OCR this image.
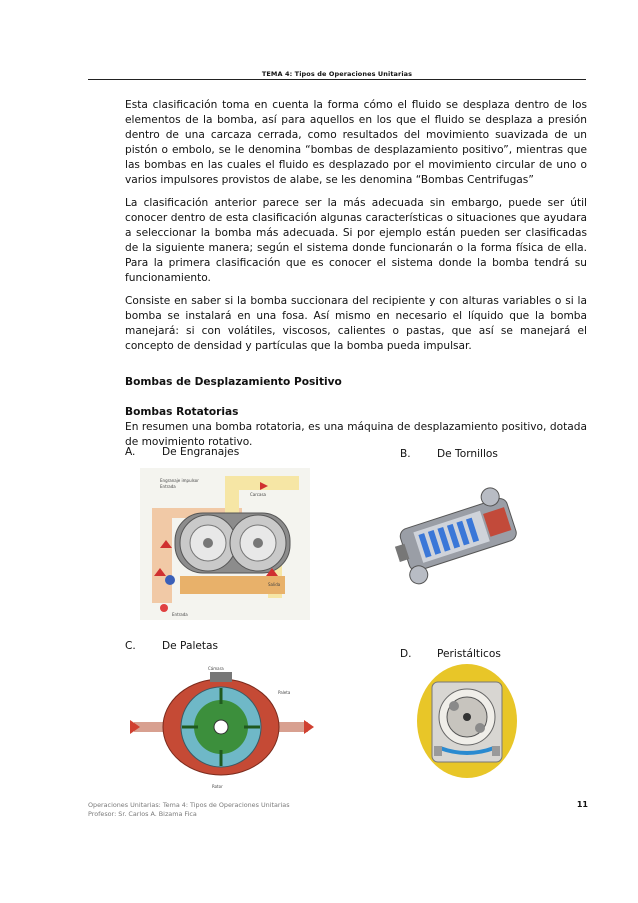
TEMA 4: Tipos de Operaciones Unitarias

Esta clasificación toma en cuenta la forma cómo el fluido se desplaza dentro de los elementos de la bomba, así para aquellos en los que el fluido se desplaza a presión dentro de una carcaza cerrada, como resultados del movimiento suavizada de un pistón o embolo, se le denomina “bombas de desplazamiento positivo”, mientras que las bombas en las cuales el fluido es desplazado por el movimiento circular de uno o varios impulsores provistos de alabe, se les denomina “Bombas Centrifugas”

La clasificación anterior parece ser la más adecuada sin embargo, puede ser útil conocer dentro de esta clasificación algunas características o situaciones que ayudara a seleccionar la bomba más adecuada. Si por ejemplo están pueden ser clasificadas de la siguiente manera; según el sistema donde funcionarán o la forma física de ella. Para la primera clasificación que es conocer el sistema donde la bomba tendrá su funcionamiento.

Consiste en saber si la bomba succionara del recipiente y con alturas variables o si la bomba se instalará en una fosa. Así mismo en necesario el líquido que la bomba manejará: si con volátiles, viscosos, calientes o pastas, que así se manejará el concepto de densidad y partículas que la bomba pueda impulsar.

Bombas de Desplazamiento Positivo
Bombas Rotatorias

En resumen una bomba rotatoria, es una máquina de desplazamiento positivo, dotada de movimiento rotativo.

A.	De Engranajes	B. De Tornillos
C. De Paletas
D. Peristálticos
Engranaje impulsor
Entrada
Carcasa
Salida
Entrada
Cámara
Paleta
Rotor
Operaciones Unitarias: Tema 4: Tipos de Operaciones Unitarias
Profesor: Sr. Carlos A. Bizama Fica
11
